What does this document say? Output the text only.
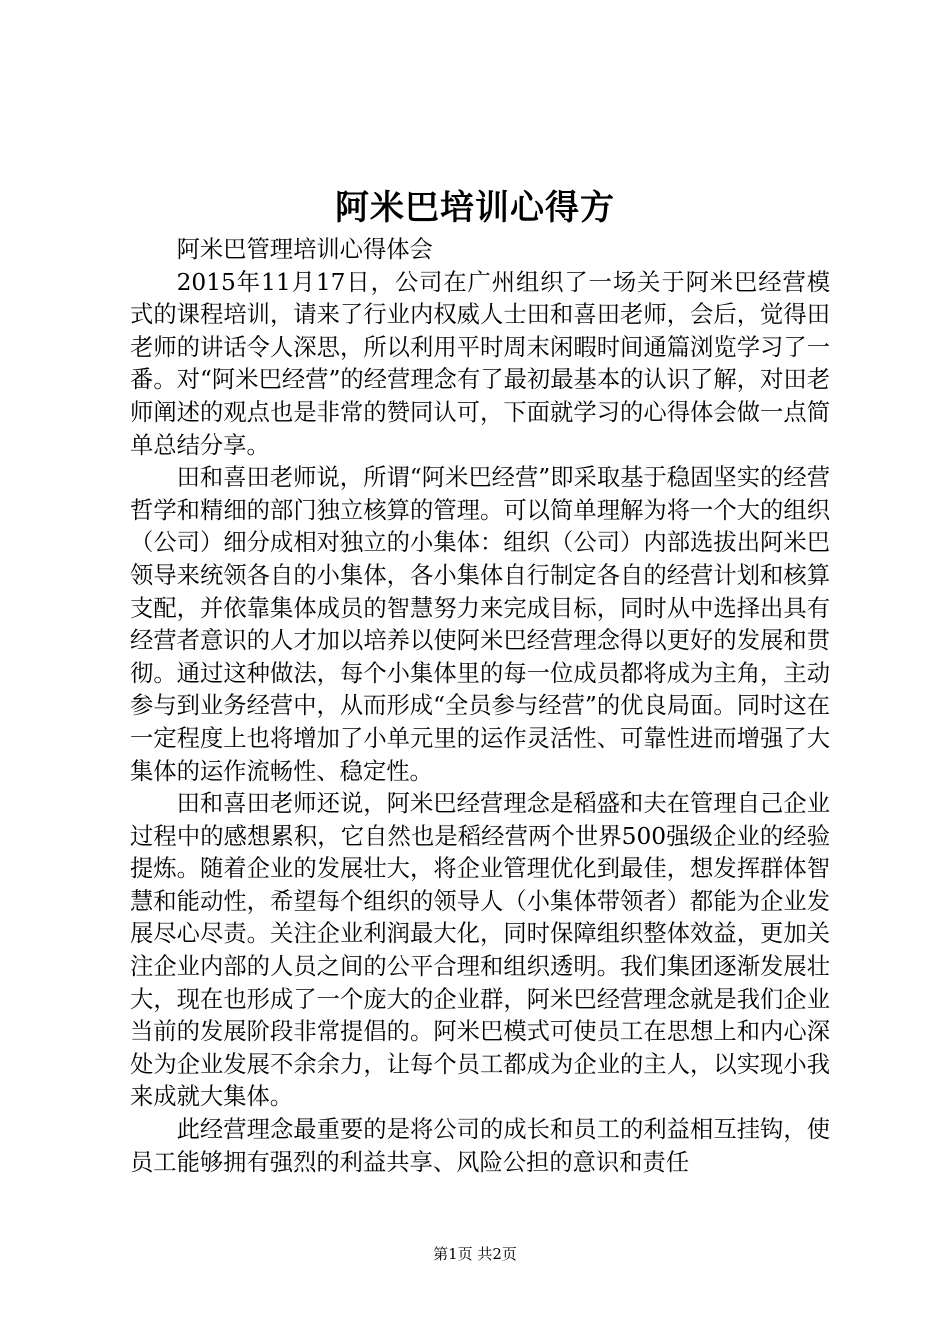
阿米巴培训心得方

阿米巴管理培训心得体会

2015年11月17日，公司在广州组织了一场关于阿米巴经营模式的课程培训，请来了行业内权威人士田和喜田老师，会后，觉得田老师的讲话令人深思，所以利用平时周末闲暇时间通篇浏览学习了一番。对“阿米巴经营”的经营理念有了最初最基本的认识了解，对田老师阐述的观点也是非常的赞同认可，下面就学习的心得体会做一点简单总结分享。

田和喜田老师说，所谓“阿米巴经营”即采取基于稳固坚实的经营哲学和精细的部门独立核算的管理。可以简单理解为将一个大的组织（公司）细分成相对独立的小集体：组织（公司）内部选拔出阿米巴领导来统领各自的小集体，各小集体自行制定各自的经营计划和核算支配，并依靠集体成员的智慧努力来完成目标，同时从中选择出具有经营者意识的人才加以培养以使阿米巴经营理念得以更好的发展和贯彻。通过这种做法，每个小集体里的每一位成员都将成为主角，主动参与到业务经营中，从而形成“全员参与经营”的优良局面。同时这在一定程度上也将增加了小单元里的运作灵活性、可靠性进而增强了大集体的运作流畅性、稳定性。

田和喜田老师还说，阿米巴经营理念是稻盛和夫在管理自己企业过程中的感想累积，它自然也是稻经营两个世界500强级企业的经验提炼。随着企业的发展壮大，将企业管理优化到最佳，想发挥群体智慧和能动性，希望每个组织的领导人（小集体带领者）都能为企业发展尽心尽责。关注企业利润最大化，同时保障组织整体效益，更加关注企业内部的人员之间的公平合理和组织透明。我们集团逐渐发展壮大，现在也形成了一个庞大的企业群，阿米巴经营理念就是我们企业当前的发展阶段非常提倡的。阿米巴模式可使员工在思想上和内心深处为企业发展不余余力，让每个员工都成为企业的主人，以实现小我来成就大集体。

此经营理念最重要的是将公司的成长和员工的利益相互挂钩，使员工能够拥有强烈的利益共享、风险公担的意识和责任

第1页 共2页
